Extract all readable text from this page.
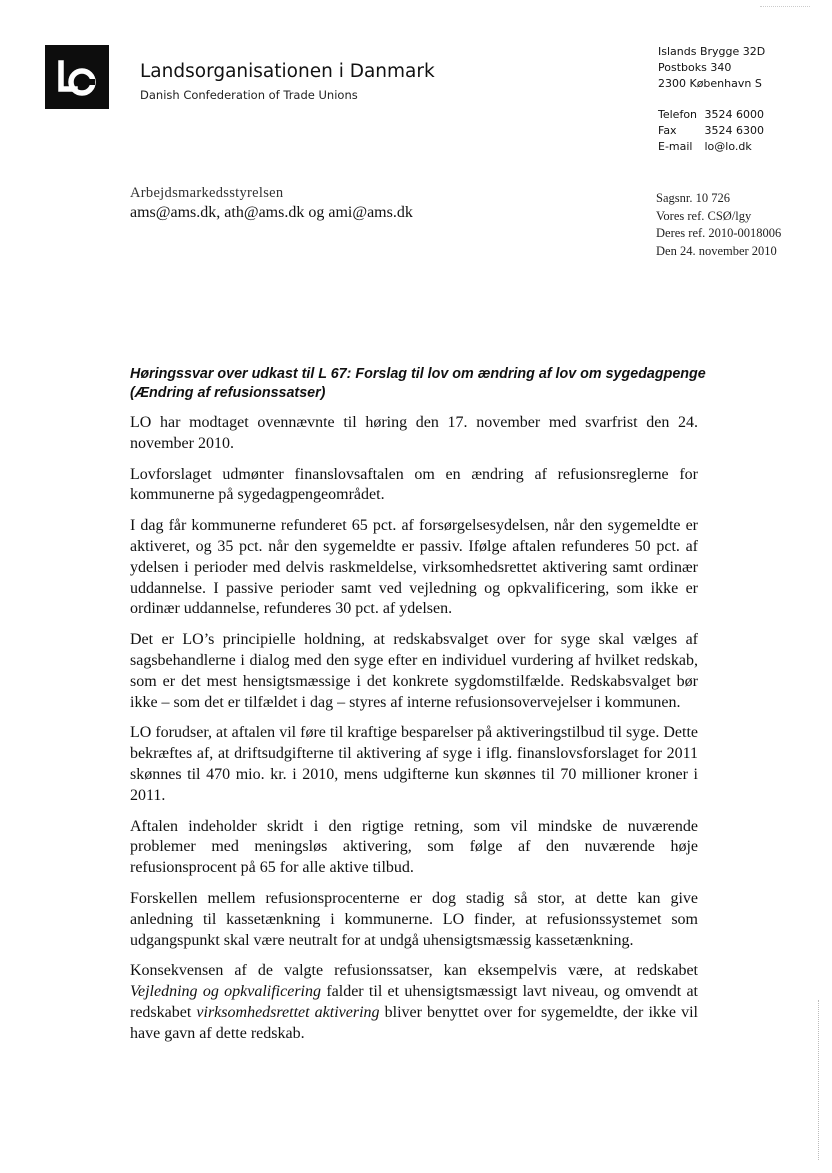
Landsorganisationen i Danmark
Danish Confederation of Trade Unions
Islands Brygge 32D
Postboks 340
2300 København S
Telefon 3524 6000
Fax	3524 6300
E-mail lo@lo.dk
Arbejdsmarkedsstyrelsen
ams@ams.dk, ath@ams.dk og ami@ams.dk
Sagsnr. 10 726
Vores ref. CSØ/lgy
Deres ref. 2010-0018006
Den 24. november 2010
Høringssvar over udkast til L 67: Forslag til lov om ændring af lov om sygedagpenge (Ændring af refusionssatser)

LO har modtaget ovennævnte til høring den 17. november med svarfrist den 24. november 2010.

Lovforslaget udmønter finanslovsaftalen om en ændring af refusionsreglerne for kommunerne på sygedagpengeområdet.

I dag får kommunerne refunderet 65 pct. af forsørgelsesydelsen, når den sygemeldte er aktiveret, og 35 pct. når den sygemeldte er passiv. Ifølge aftalen refunderes 50 pct. af ydelsen i perioder med delvis raskmeldelse, virksomhedsrettet aktivering samt ordinær uddannelse. I passive perioder samt ved vejledning og opkvalificering, som ikke er ordinær uddannelse, refunderes 30 pct. af ydelsen.

Det er LO’s principielle holdning, at redskabsvalget over for syge skal vælges af sagsbehandlerne i dialog med den syge efter en individuel vurdering af hvilket redskab, som er det mest hensigtsmæssige i det konkrete sygdomstilfælde. Redskabsvalget bør ikke – som det er tilfældet i dag – styres af interne refusionsovervejelser i kommunen.

LO forudser, at aftalen vil føre til kraftige besparelser på aktiveringstilbud til syge. Dette bekræftes af, at driftsudgifterne til aktivering af syge i iflg. finanslovsforslaget for 2011 skønnes til 470 mio. kr. i 2010, mens udgifterne kun skønnes til 70 millioner kroner i 2011.

Aftalen indeholder skridt i den rigtige retning, som vil mindske de nuværende problemer med meningsløs aktivering, som følge af den nuværende høje refusionsprocent på 65 for alle aktive tilbud.

Forskellen mellem refusionsprocenterne er dog stadig så stor, at dette kan give anledning til kassetænkning i kommunerne. LO finder, at refusionssystemet som udgangspunkt skal være neutralt for at undgå uhensigtsmæssig kassetænkning.

Konsekvensen af de valgte refusionssatser, kan eksempelvis være, at redskabet Vejledning og opkvalificering falder til et uhensigtsmæssigt lavt niveau, og omvendt at redskabet virksomhedsrettet aktivering bliver benyttet over for sygemeldte, der ikke vil have gavn af dette redskab.
